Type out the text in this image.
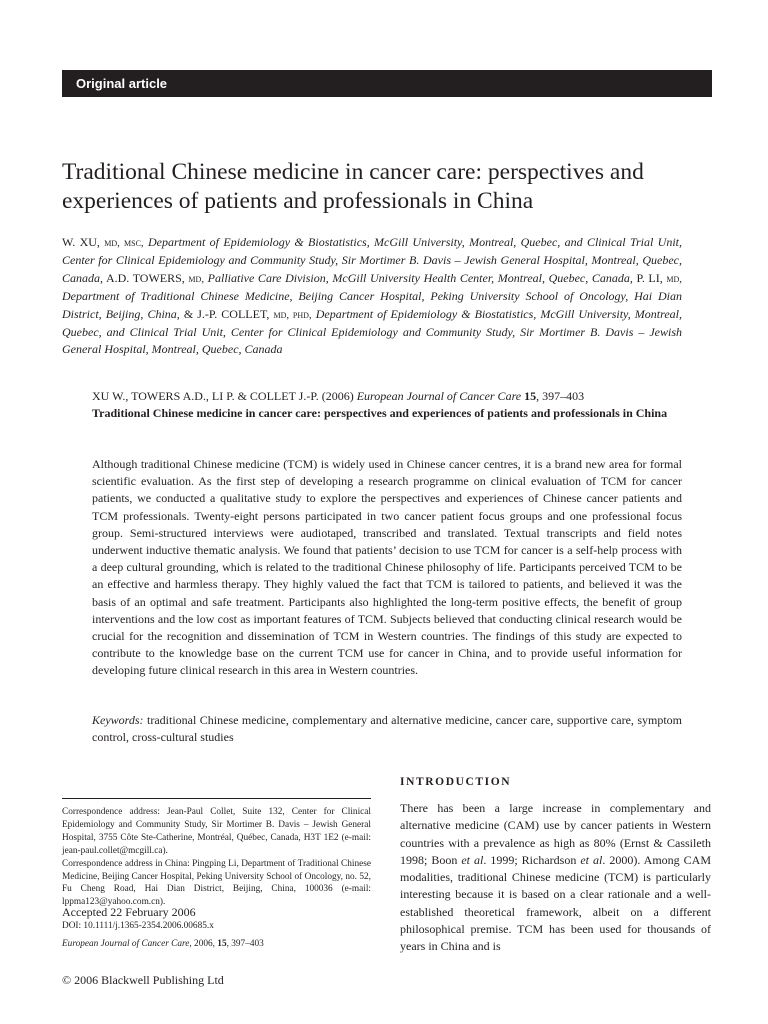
Original article
Traditional Chinese medicine in cancer care: perspectives and experiences of patients and professionals in China

W. XU, md, msc, Department of Epidemiology & Biostatistics, McGill University, Montreal, Quebec, and Clinical Trial Unit, Center for Clinical Epidemiology and Community Study, Sir Mortimer B. Davis – Jewish General Hospital, Montreal, Quebec, Canada, A.D. TOWERS, md, Palliative Care Division, McGill University Health Center, Montreal, Quebec, Canada, P. LI, md, Department of Traditional Chinese Medicine, Beijing Cancer Hospital, Peking University School of Oncology, Hai Dian District, Beijing, China, & J.-P. COLLET, md, phd, Department of Epidemiology & Biostatistics, McGill University, Montreal, Quebec, and Clinical Trial Unit, Center for Clinical Epidemiology and Community Study, Sir Mortimer B. Davis – Jewish General Hospital, Montreal, Quebec, Canada

XU W., TOWERS A.D., LI P. & COLLET J.-P. (2006) European Journal of Cancer Care 15, 397–403

Traditional Chinese medicine in cancer care: perspectives and experiences of patients and professionals in China

Although traditional Chinese medicine (TCM) is widely used in Chinese cancer centres, it is a brand new area for formal scientific evaluation. As the first step of developing a research programme on clinical evaluation of TCM for cancer patients, we conducted a qualitative study to explore the perspectives and experiences of Chinese cancer patients and TCM professionals. Twenty-eight persons participated in two cancer patient focus groups and one professional focus group. Semi-structured interviews were audiotaped, transcribed and translated. Textual transcripts and field notes underwent inductive thematic analysis. We found that patients’ decision to use TCM for cancer is a self-help process with a deep cultural grounding, which is related to the traditional Chinese philosophy of life. Participants perceived TCM to be an effective and harmless therapy. They highly valued the fact that TCM is tailored to patients, and believed it was the basis of an optimal and safe treatment. Participants also highlighted the long-term positive effects, the benefit of group interventions and the low cost as important features of TCM. Subjects believed that conducting clinical research would be crucial for the recognition and dissemination of TCM in Western countries. The findings of this study are expected to contribute to the knowledge base on the current TCM use for cancer in China, and to provide useful information for developing future clinical research in this area in Western countries.

Keywords: traditional Chinese medicine, complementary and alternative medicine, cancer care, supportive care, symptom control, cross-cultural studies

Correspondence address: Jean-Paul Collet, Suite 132, Center for Clinical Epidemiology and Community Study, Sir Mortimer B. Davis – Jewish General Hospital, 3755 Côte Ste-Catherine, Montréal, Québec, Canada, H3T 1E2 (e-mail: jean-paul.collet@mcgill.ca).
Correspondence address in China: Pingping Li, Department of Traditional Chinese Medicine, Beijing Cancer Hospital, Peking University School of Oncology, no. 52, Fu Cheng Road, Hai Dian District, Beijing, China, 100036 (e-mail: lppma123@yahoo.com.cn).

Accepted 22 February 2006

DOI: 10.1111/j.1365-2354.2006.00685.x

European Journal of Cancer Care, 2006, 15, 397–403

© 2006 Blackwell Publishing Ltd

INTRODUCTION

There has been a large increase in complementary and alternative medicine (CAM) use by cancer patients in Western countries with a prevalence as high as 80% (Ernst & Cassileth 1998; Boon et al. 1999; Richardson et al. 2000). Among CAM modalities, traditional Chinese medicine (TCM) is particularly interesting because it is based on a clear rationale and a well-established theoretical framework, albeit on a different philosophical premise. TCM has been used for thousands of years in China and is
